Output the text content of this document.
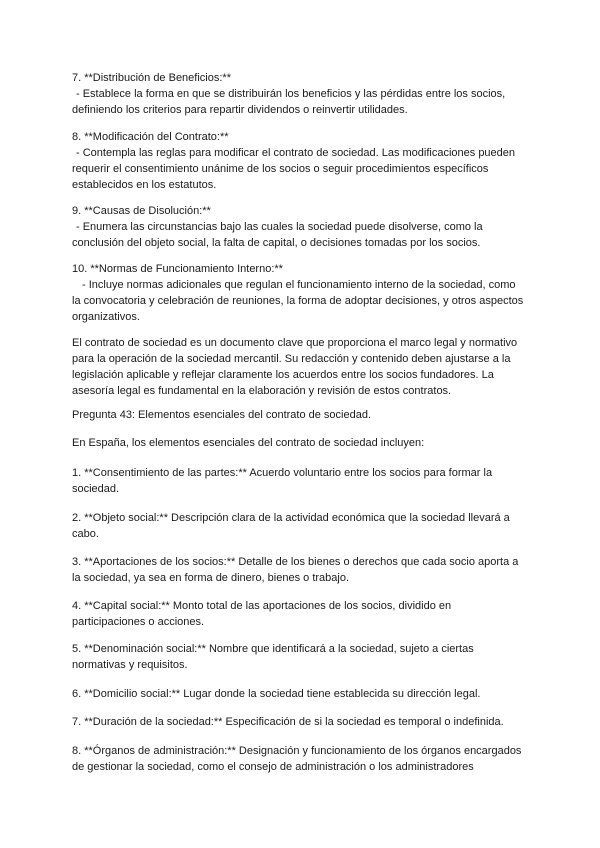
7. **Distribución de Beneficios:**
- Establece la forma en que se distribuirán los beneficios y las pérdidas entre los socios,
definiendo los criterios para repartir dividendos o reinvertir utilidades.
8. **Modificación del Contrato:**
- Contempla las reglas para modificar el contrato de sociedad. Las modificaciones pueden
requerir el consentimiento unánime de los socios o seguir procedimientos específicos
establecidos en los estatutos.
9. **Causas de Disolución:**
- Enumera las circunstancias bajo las cuales la sociedad puede disolverse, como la
conclusión del objeto social, la falta de capital, o decisiones tomadas por los socios.
10. **Normas de Funcionamiento Interno:**
- Incluye normas adicionales que regulan el funcionamiento interno de la sociedad, como
la convocatoria y celebración de reuniones, la forma de adoptar decisiones, y otros aspectos
organizativos.
El contrato de sociedad es un documento clave que proporciona el marco legal y normativo
para la operación de la sociedad mercantil. Su redacción y contenido deben ajustarse a la
legislación aplicable y reflejar claramente los acuerdos entre los socios fundadores. La
asesoría legal es fundamental en la elaboración y revisión de estos contratos.
Pregunta 43: Elementos esenciales del contrato de sociedad.
En España, los elementos esenciales del contrato de sociedad incluyen:
1. **Consentimiento de las partes:** Acuerdo voluntario entre los socios para formar la
sociedad.
2. **Objeto social:** Descripción clara de la actividad económica que la sociedad llevará a
cabo.
3. **Aportaciones de los socios:** Detalle de los bienes o derechos que cada socio aporta a
la sociedad, ya sea en forma de dinero, bienes o trabajo.
4. **Capital social:** Monto total de las aportaciones de los socios, dividido en
participaciones o acciones.
5. **Denominación social:** Nombre que identificará a la sociedad, sujeto a ciertas
normativas y requisitos.
6. **Domicilio social:** Lugar donde la sociedad tiene establecida su dirección legal.
7. **Duración de la sociedad:** Especificación de si la sociedad es temporal o indefinida.
8. **Órganos de administración:** Designación y funcionamiento de los órganos encargados
de gestionar la sociedad, como el consejo de administración o los administradores
